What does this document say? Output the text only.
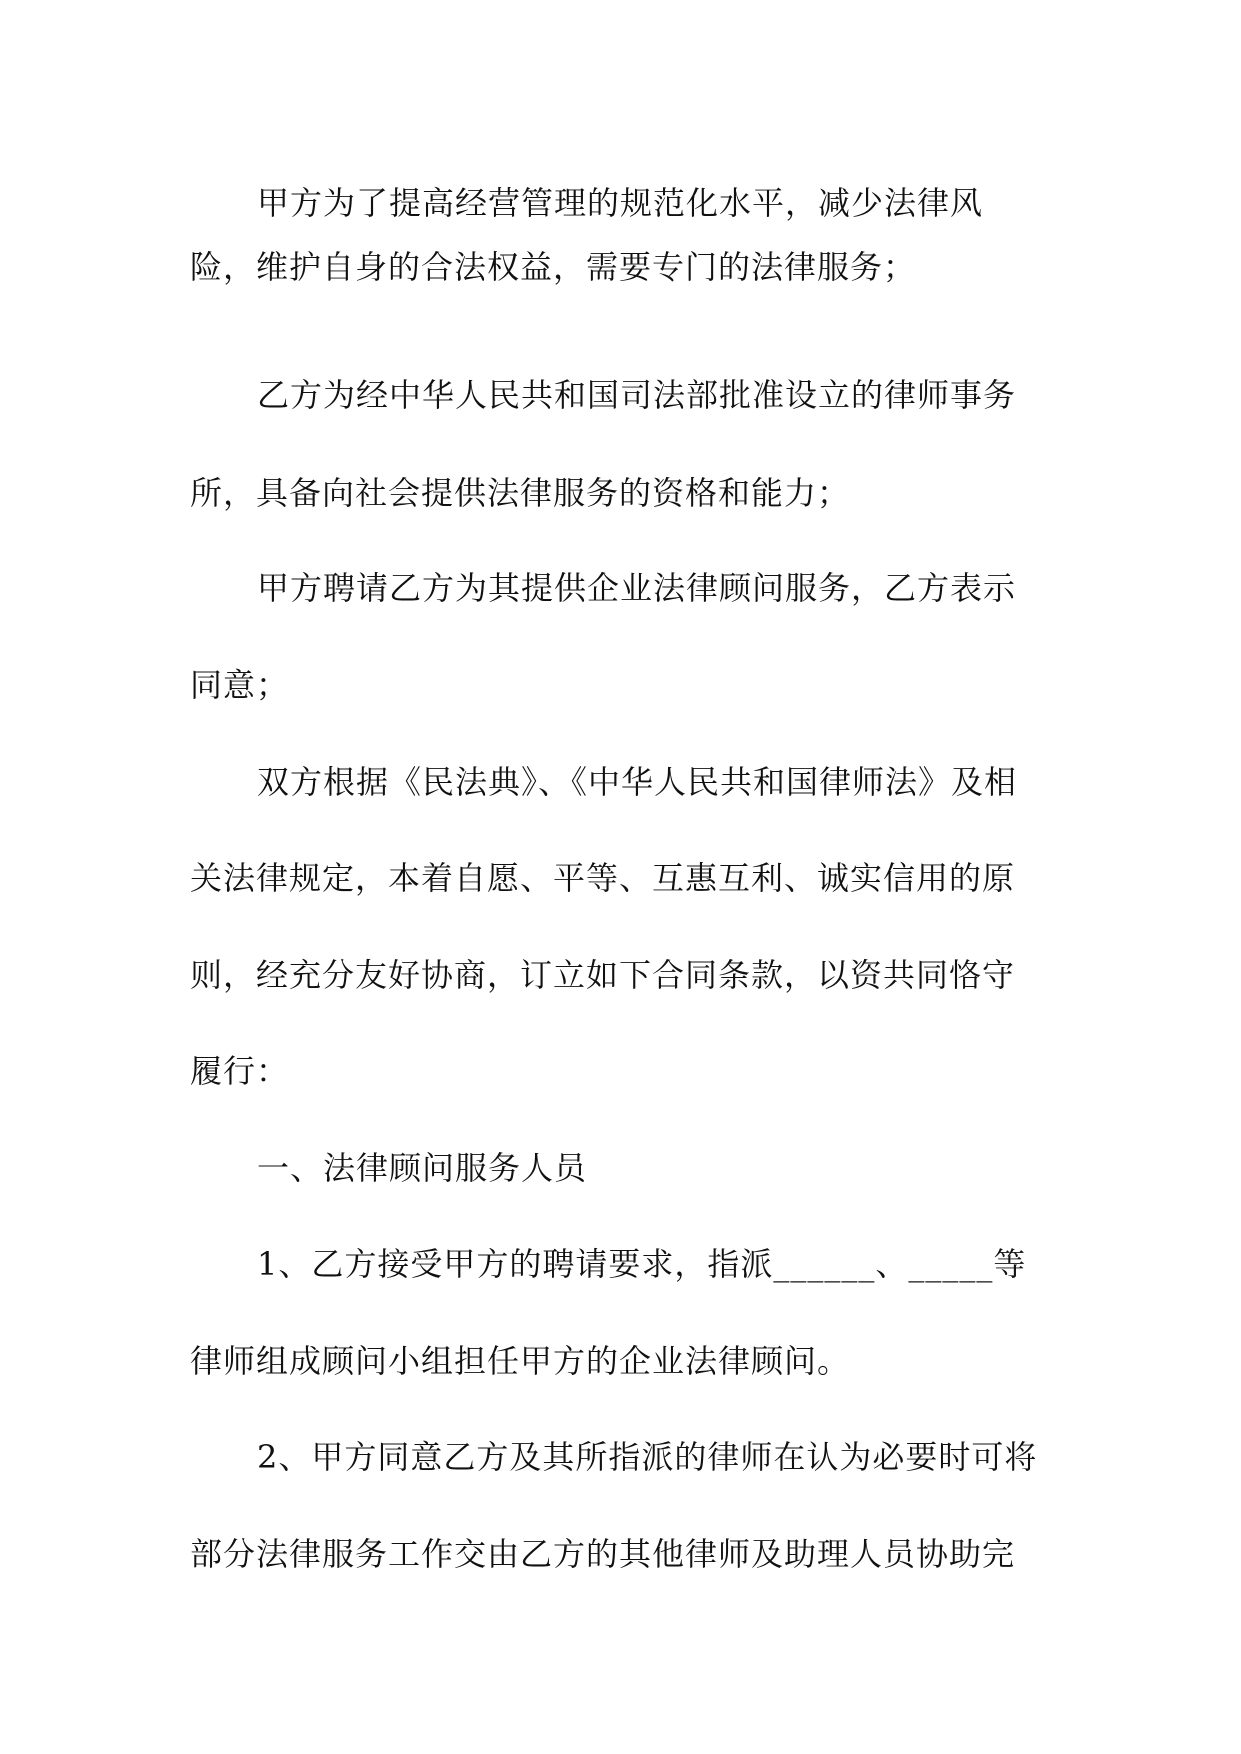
甲方为了提高经营管理的规范化水平，减少法律风
险，维护自身的合法权益，需要专门的法律服务；
乙方为经中华人民共和国司法部批准设立的律师事务
所，具备向社会提供法律服务的资格和能力；
甲方聘请乙方为其提供企业法律顾问服务，乙方表示
同意；
双方根据《民法典》、《中华人民共和国律师法》及相
关法律规定，本着自愿、平等、互惠互利、诚实信用的原
则，经充分友好协商，订立如下合同条款，以资共同恪守
履行：
一、法律顾问服务人员
1、乙方接受甲方的聘请要求，指派______、_____等
律师组成顾问小组担任甲方的企业法律顾问。
2、甲方同意乙方及其所指派的律师在认为必要时可将
部分法律服务工作交由乙方的其他律师及助理人员协助完
